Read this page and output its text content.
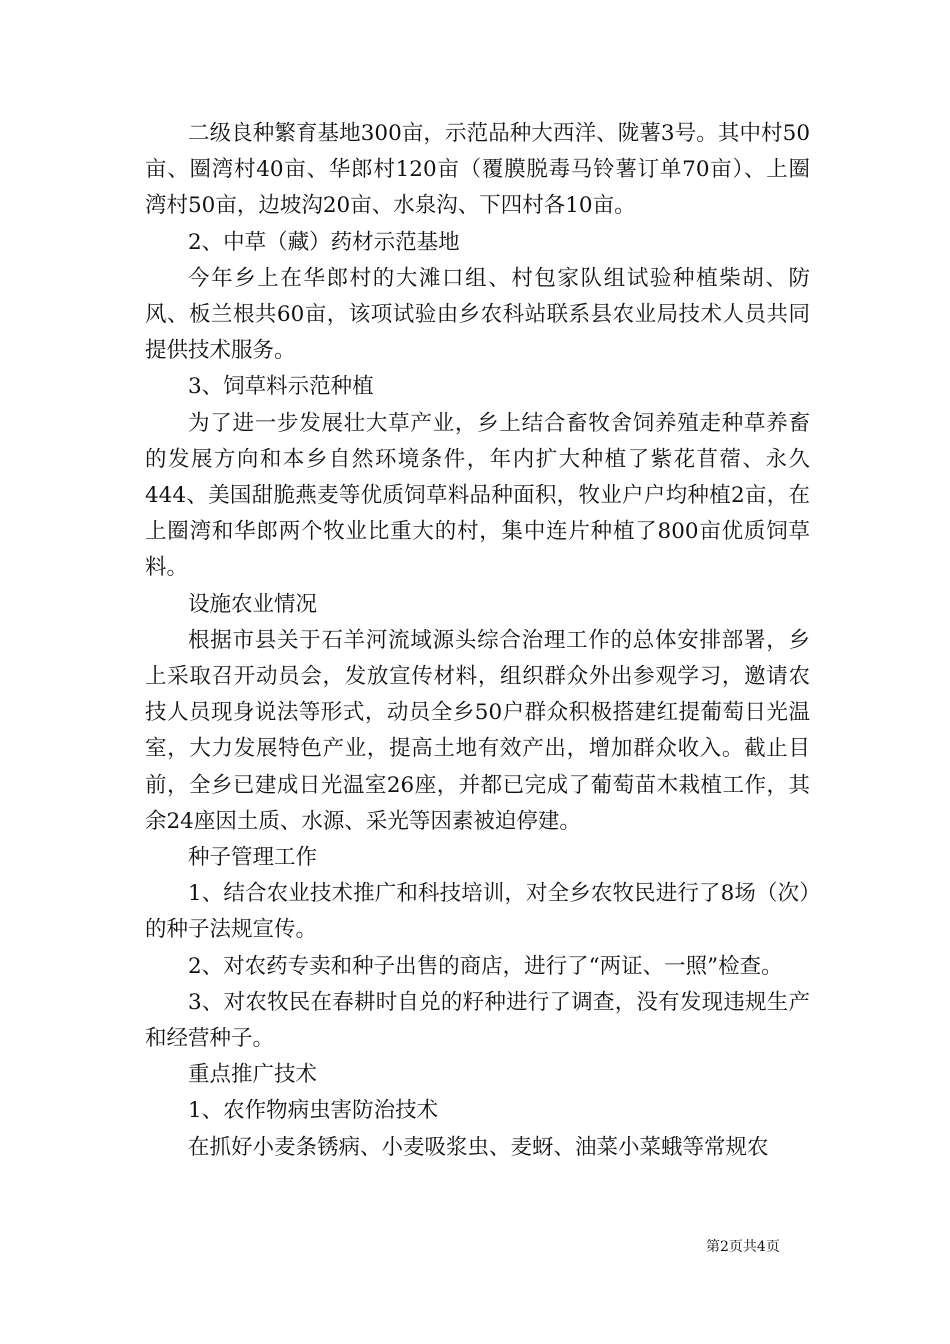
二级良种繁育基地300亩，示范品种大西洋、陇薯3号。其中村50亩、圈湾村40亩、华郎村120亩（覆膜脱毒马铃薯订单70亩）、上圈湾村50亩，边坡沟20亩、水泉沟、下四村各10亩。

2、中草（藏）药材示范基地

今年乡上在华郎村的大滩口组、村包家队组试验种植柴胡、防风、板兰根共60亩，该项试验由乡农科站联系县农业局技术人员共同提供技术服务。

3、饲草料示范种植

为了进一步发展壮大草产业，乡上结合畜牧舍饲养殖走种草养畜的发展方向和本乡自然环境条件，年内扩大种植了紫花苜蓿、永久444、美国甜脆燕麦等优质饲草料品种面积，牧业户户均种植2亩，在上圈湾和华郎两个牧业比重大的村，集中连片种植了800亩优质饲草料。

设施农业情况

根据市县关于石羊河流域源头综合治理工作的总体安排部署，乡上采取召开动员会，发放宣传材料，组织群众外出参观学习，邀请农技人员现身说法等形式，动员全乡50户群众积极搭建红提葡萄日光温室，大力发展特色产业，提高土地有效产出，增加群众收入。截止目前，全乡已建成日光温室26座，并都已完成了葡萄苗木栽植工作，其余24座因土质、水源、采光等因素被迫停建。

种子管理工作

1、结合农业技术推广和科技培训，对全乡农牧民进行了8场（次）的种子法规宣传。

2、对农药专卖和种子出售的商店，进行了“两证、一照”检查。

3、对农牧民在春耕时自兑的籽种进行了调查，没有发现违规生产和经营种子。

重点推广技术

1、农作物病虫害防治技术

在抓好小麦条锈病、小麦吸浆虫、麦蚜、油菜小菜蛾等常规农

第2页共4页
